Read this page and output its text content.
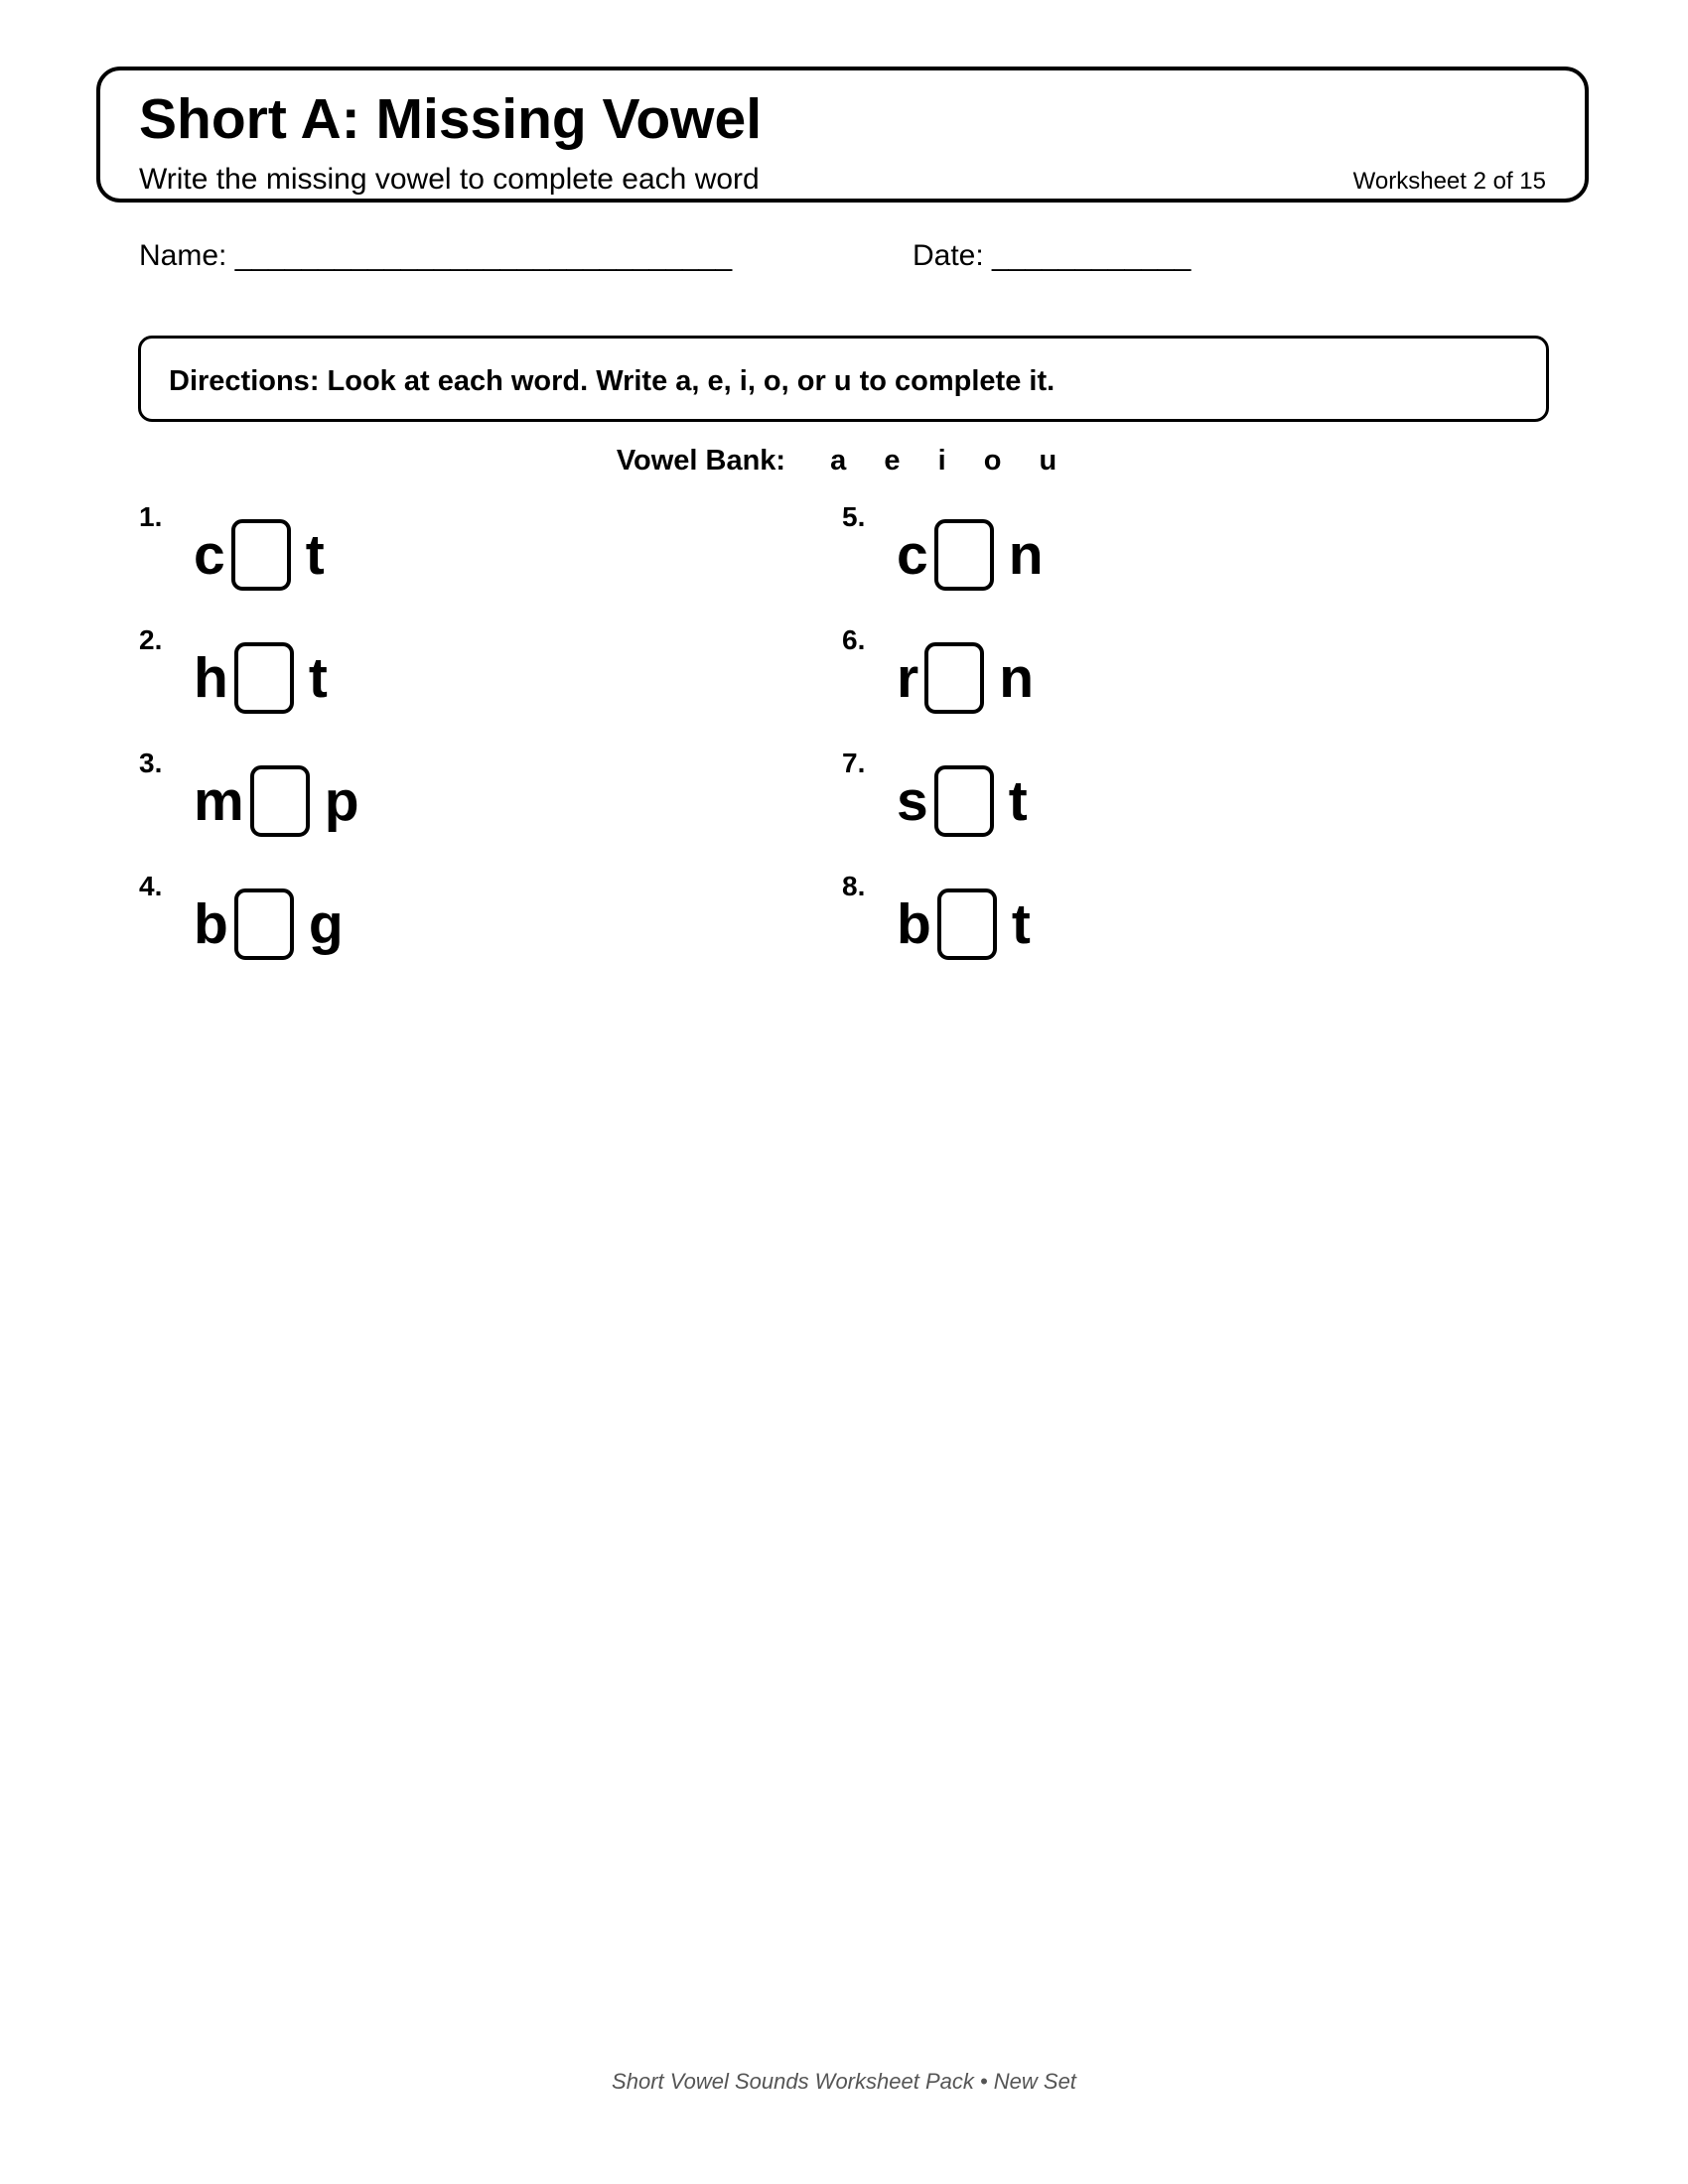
Short A: Missing Vowel
Write the missing vowel to complete each word	Worksheet 2 of 15
Name: ______________________________	Date: ____________
Directions: Look at each word. Write a, e, i, o, or u to complete it.
Vowel Bank: a e i o u
1.
c t
2.
h t
3.
m p
4.
b g
5.
c n
6.
r n
7.
s t
8.
b t
Short Vowel Sounds Worksheet Pack • New Set
